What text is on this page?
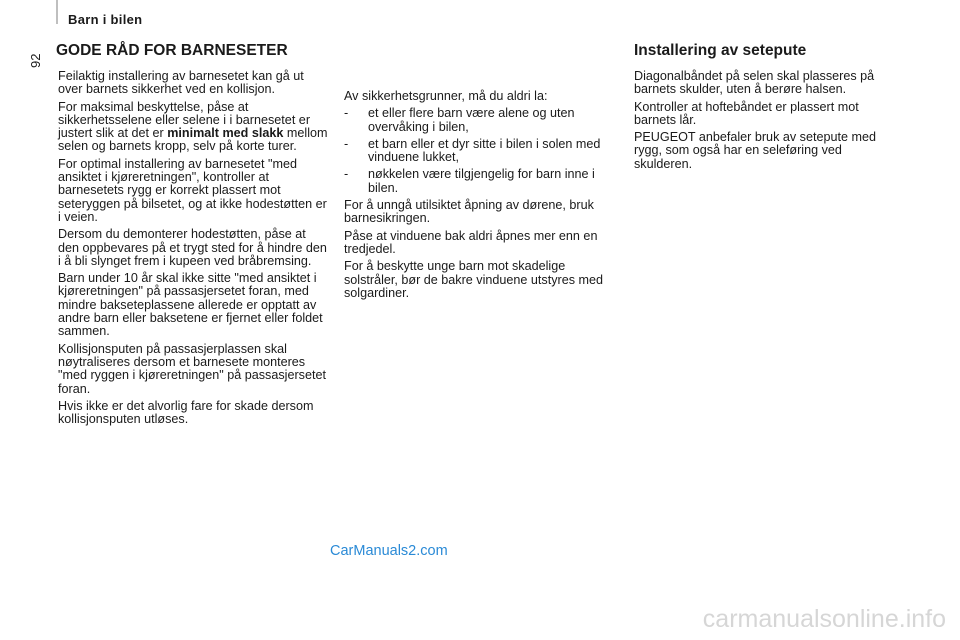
Barn i bilen
92
GODE RÅD FOR BARNESETER

Feilaktig installering av barnesetet kan gå ut over barnets sikkerhet ved en kollisjon.

For maksimal beskyttelse, påse at sikkerhetsselene eller selene i i barnesetet er justert slik at det er minimalt med slakk mellom selen og barnets kropp, selv på korte turer.

For optimal installering av barnesetet "med ansiktet i kjøreretningen", kontroller at barnesetets rygg er korrekt plassert mot seteryggen på bilsetet, og at ikke hodestøtten er i veien.

Dersom du demonterer hodestøtten, påse at den oppbevares på et trygt sted for å hindre den i å bli slynget frem i kupeen ved bråbremsing.

Barn under 10 år skal ikke sitte "med ansiktet i kjøreretningen" på passasjersetet foran, med mindre bakseteplassene allerede er opptatt av andre barn eller baksetene er fjernet eller foldet sammen.

Kollisjonsputen på passasjerplassen skal nøytraliseres dersom et barnesete monteres "med ryggen i kjøreretningen" på passasjersetet foran.

Hvis ikke er det alvorlig fare for skade dersom kollisjonsputen utløses.

Av sikkerhetsgrunner, må du aldri la:

-	et eller flere barn være alene og uten overvåking i bilen,
-	et barn eller et dyr sitte i bilen i solen med vinduene lukket,
-	nøkkelen være tilgjengelig for barn inne i bilen.

For å unngå utilsiktet åpning av dørene, bruk barnesikringen.

Påse at vinduene bak aldri åpnes mer enn en tredjedel.

For å beskytte unge barn mot skadelige solstråler, bør de bakre vinduene utstyres med solgardiner.

Installering av setepute

Diagonalbåndet på selen skal plasseres på barnets skulder, uten å berøre halsen.

Kontroller at hoftebåndet er plassert mot barnets lår.

PEUGEOT anbefaler bruk av setepute med rygg, som også har en seleføring ved skulderen.

CarManuals2.com
carmanualsonline.info
